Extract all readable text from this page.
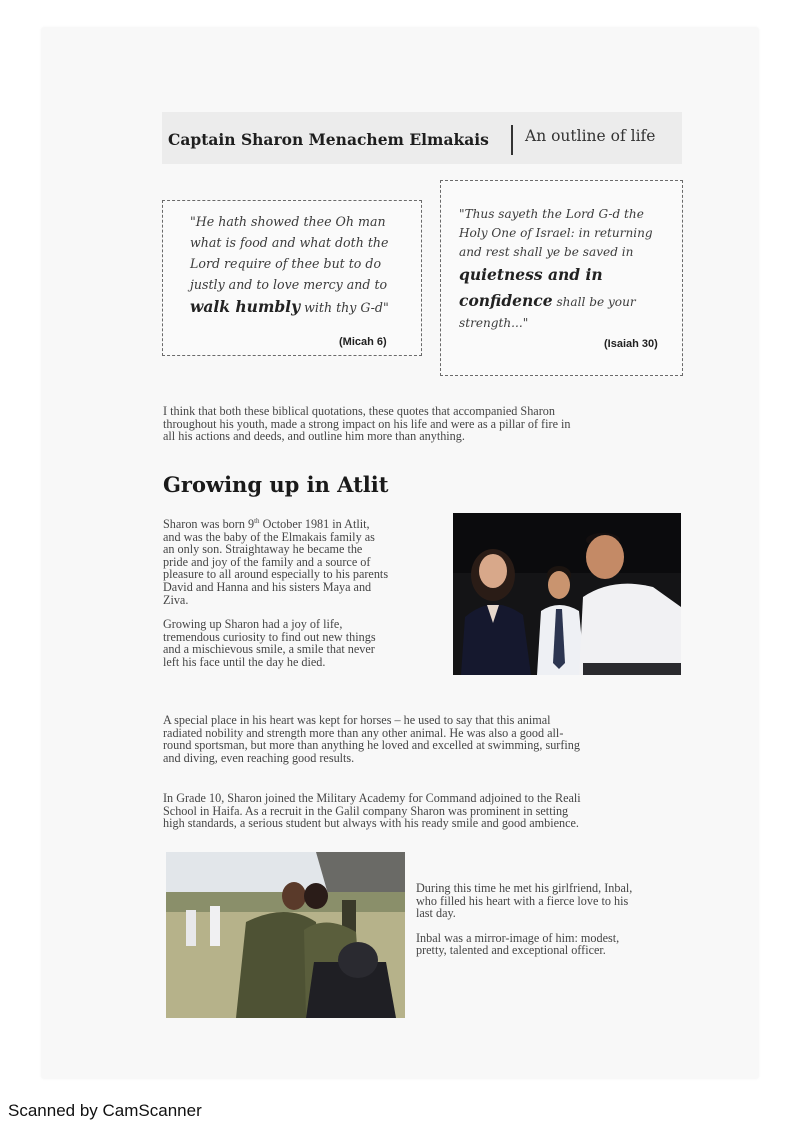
Captain Sharon Menachem Elmakais An outline of life

"He hath showed thee Oh man

what is food and what doth the

Lord require of thee but to do

justly and to love mercy and to

walk humbly with thy G-d"

(Micah 6)

"Thus sayeth the Lord G-d the

Holy One of Israel: in returning

and rest shall ye be saved in

quietness and in

confidence shall be your

strength..."

(Isaiah 30)
I think that both these biblical quotations, these quotes that accompanied Sharon
throughout his youth, made a strong impact on his life and were as a pillar of fire in
all his actions and deeds, and outline him more than anything.
Growing up in Atlit
Sharon was born 9th October 1981 in Atlit,
and was the baby of the Elmakais family as
an only son. Straightaway he became the
pride and joy of the family and a source of
pleasure to all around especially to his parents
David and Hanna and his sisters Maya and
Ziva.
Growing up Sharon had a joy of life,
tremendous curiosity to find out new things
and a mischievous smile, a smile that never
left his face until the day he died.
A special place in his heart was kept for horses – he used to say that this animal
radiated nobility and strength more than any other animal. He was also a good all-
round sportsman, but more than anything he loved and excelled at swimming, surfing
and diving, even reaching good results.
In Grade 10, Sharon joined the Military Academy for Command adjoined to the Reali
School in Haifa. As a recruit in the Galil company Sharon was prominent in setting
high standards, a serious student but always with his ready smile and good ambience.
During this time he met his girlfriend, Inbal,
who filled his heart with a fierce love to his
last day.
Inbal was a mirror-image of him: modest,
pretty, talented and exceptional officer.
Scanned by CamScanner
